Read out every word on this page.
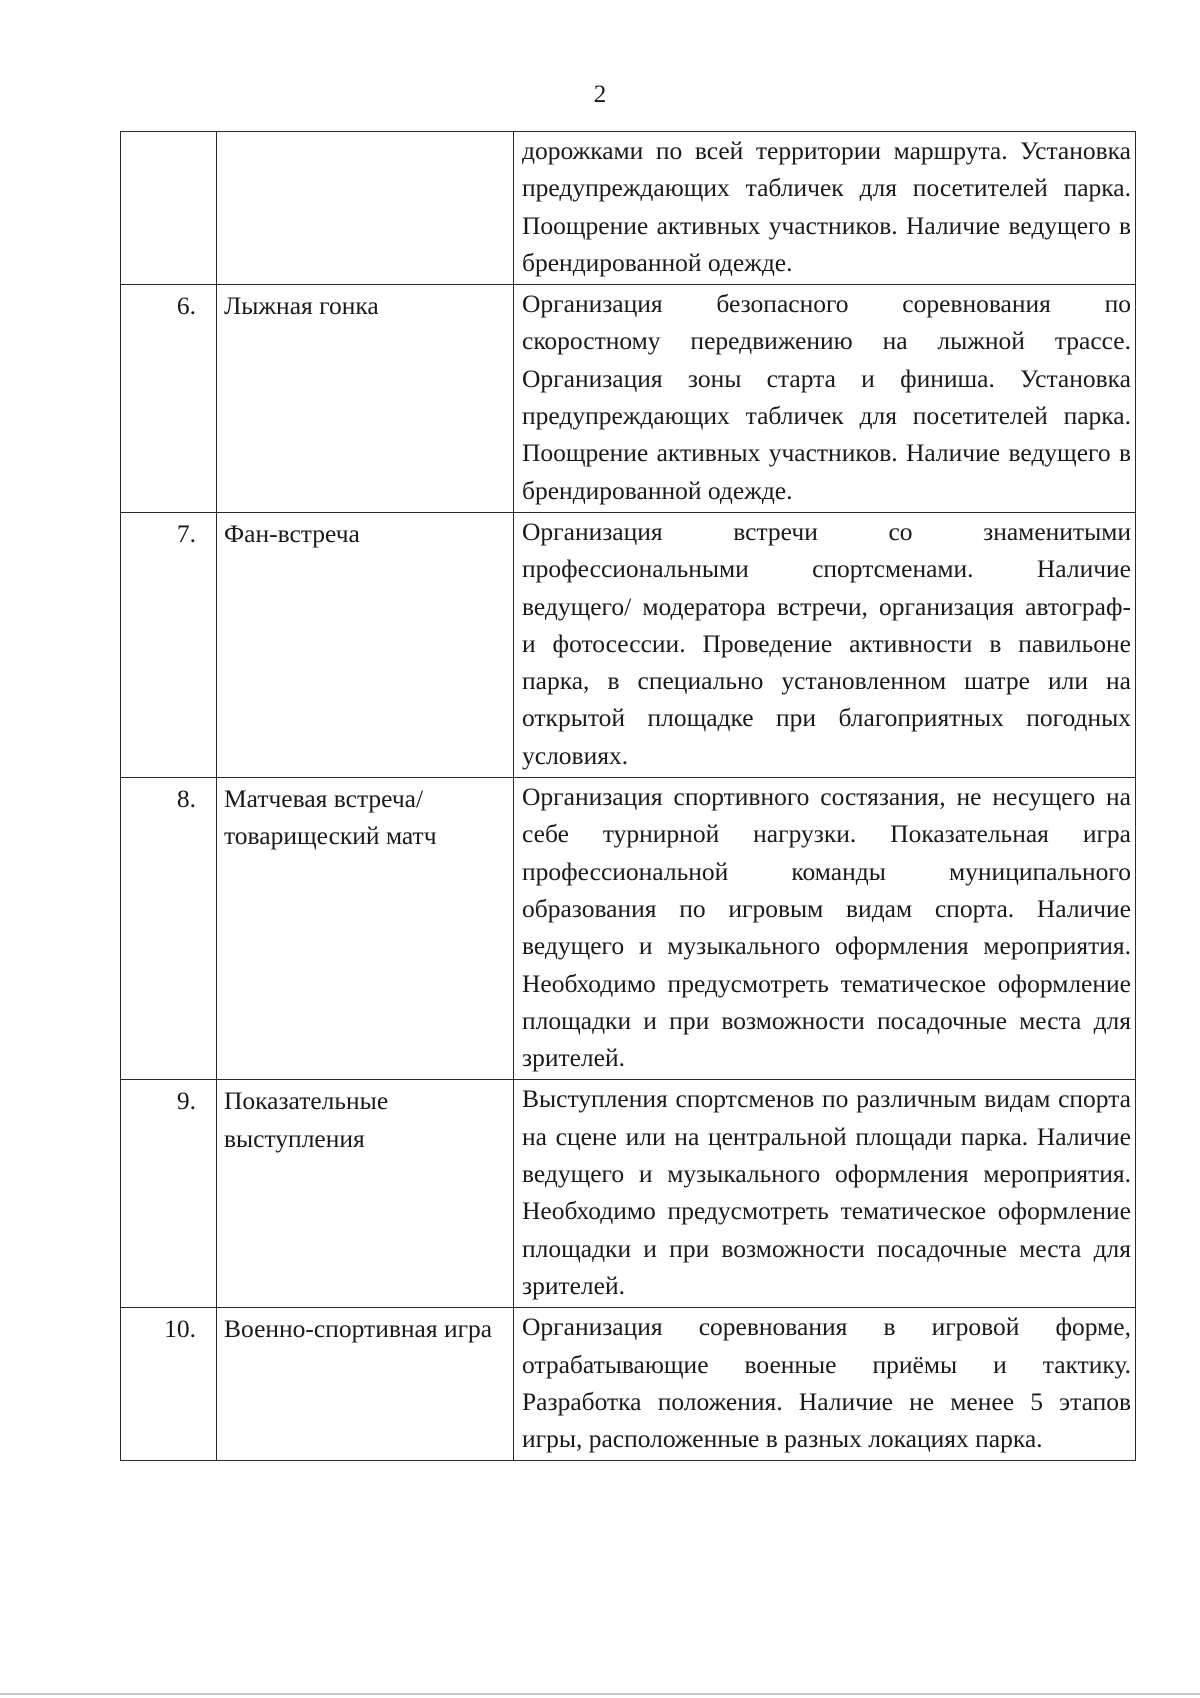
2
		дорожками по всей территории маршрута. Установка предупреждающих табличек для посетителей парка. Поощрение активных участников. Наличие ведущего в брендированной одежде.
6.	Лыжная гонка	Организация безопасного соревнования по скоростному передвижению на лыжной трассе. Организация зоны старта и финиша. Установка предупреждающих табличек для посетителей парка. Поощрение активных участников. Наличие ведущего в брендированной одежде.
7.	Фан-встреча	Организация встречи со знаменитыми профессиональными спортсменами. Наличие ведущего/ модератора встречи, организация автограф- и фотосессии. Проведение активности в павильоне парка, в специально установленном шатре или на открытой площадке при благоприятных погодных условиях.
8.	Матчевая встреча/ товарищеский матч	Организация спортивного состязания, не несущего на себе турнирной нагрузки. Показательная игра профессиональной команды муниципального образования по игровым видам спорта. Наличие ведущего и музыкального оформления мероприятия. Необходимо предусмотреть тематическое оформление площадки и при возможности посадочные места для зрителей.
9.	Показательные выступления	Выступления спортсменов по различным видам спорта на сцене или на центральной площади парка. Наличие ведущего и музыкального оформления мероприятия. Необходимо предусмотреть тематическое оформление площадки и при возможности посадочные места для зрителей.
10.	Военно-спортивная игра	Организация соревнования в игровой форме, отрабатывающие военные приёмы и тактику. Разработка положения. Наличие не менее 5 этапов игры, расположенные в разных локациях парка.
